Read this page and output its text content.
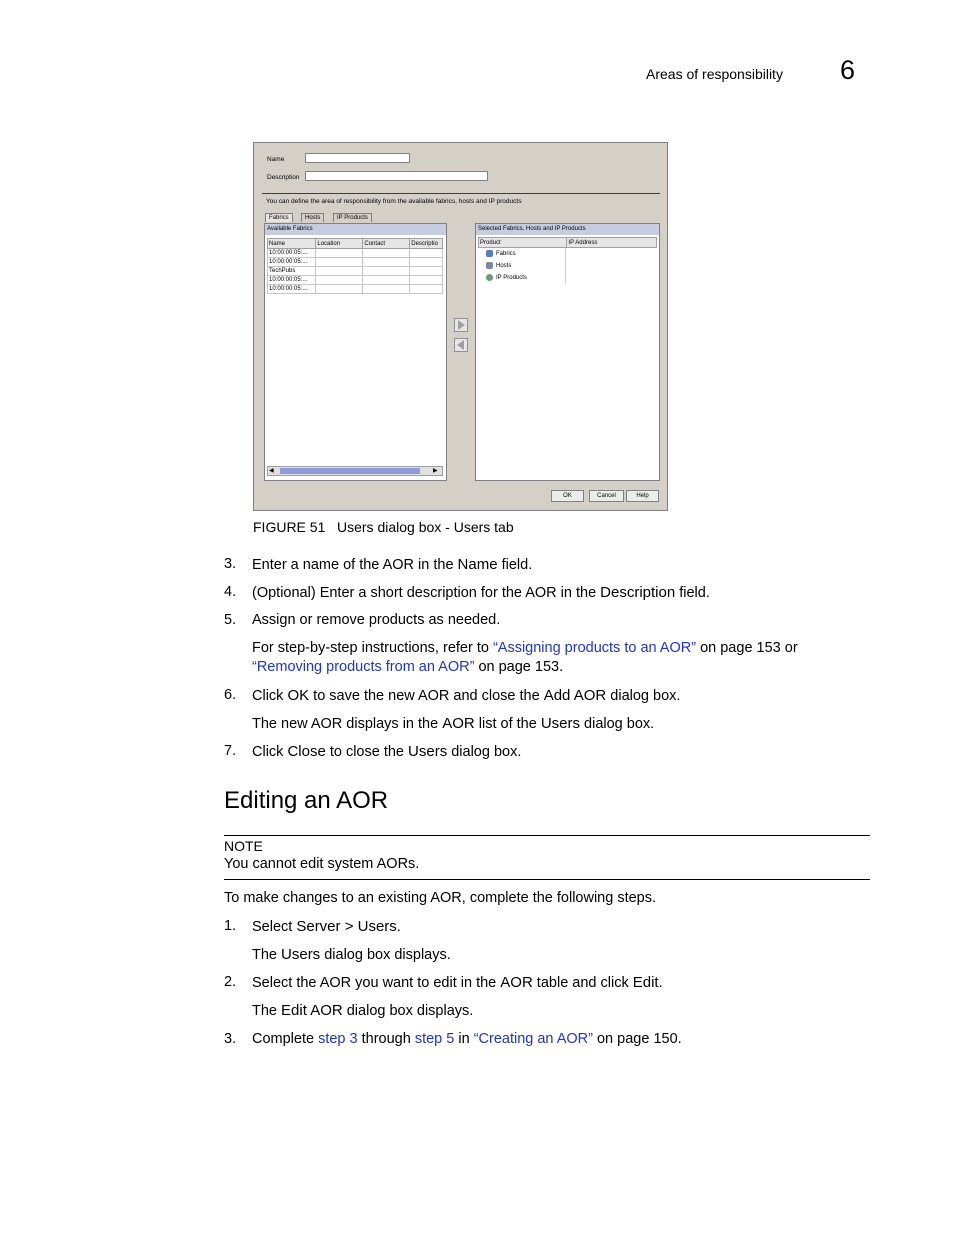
Areas of responsibility 6
Name
Description
You can define the area of responsibility from the available fabrics, hosts and IP products
Fabrics	Hosts	IP Products
Available Fabrics
Name	Location	Contact	Descriptio
10:00:00:05:...			
10:00:00:05:...			
TechPubs			
10:00:00:05:...			
10:00:00:05:...			
◀	▶
Selected Fabrics, Hosts and IP Products
Product	IP Address
Fabrics
Hosts
IP Products
OK	Cancel	Help
FIGURE 51 Users dialog box - Users tab
3. Enter a name of the AOR in the Name field.
4. (Optional) Enter a short description for the AOR in the Description field.
5. Assign or remove products as needed.
For step-by-step instructions, refer to “Assigning products to an AOR” on page 153 or
“Removing products from an AOR” on page 153.
6. Click OK to save the new AOR and close the Add AOR dialog box.
The new AOR displays in the AOR list of the Users dialog box.
7. Click Close to close the Users dialog box.
Editing an AOR
NOTE
You cannot edit system AORs.
To make changes to an existing AOR, complete the following steps.
1. Select Server > Users.
The Users dialog box displays.
2. Select the AOR you want to edit in the AOR table and click Edit.
The Edit AOR dialog box displays.
3. Complete step 3 through step 5 in “Creating an AOR” on page 150.
